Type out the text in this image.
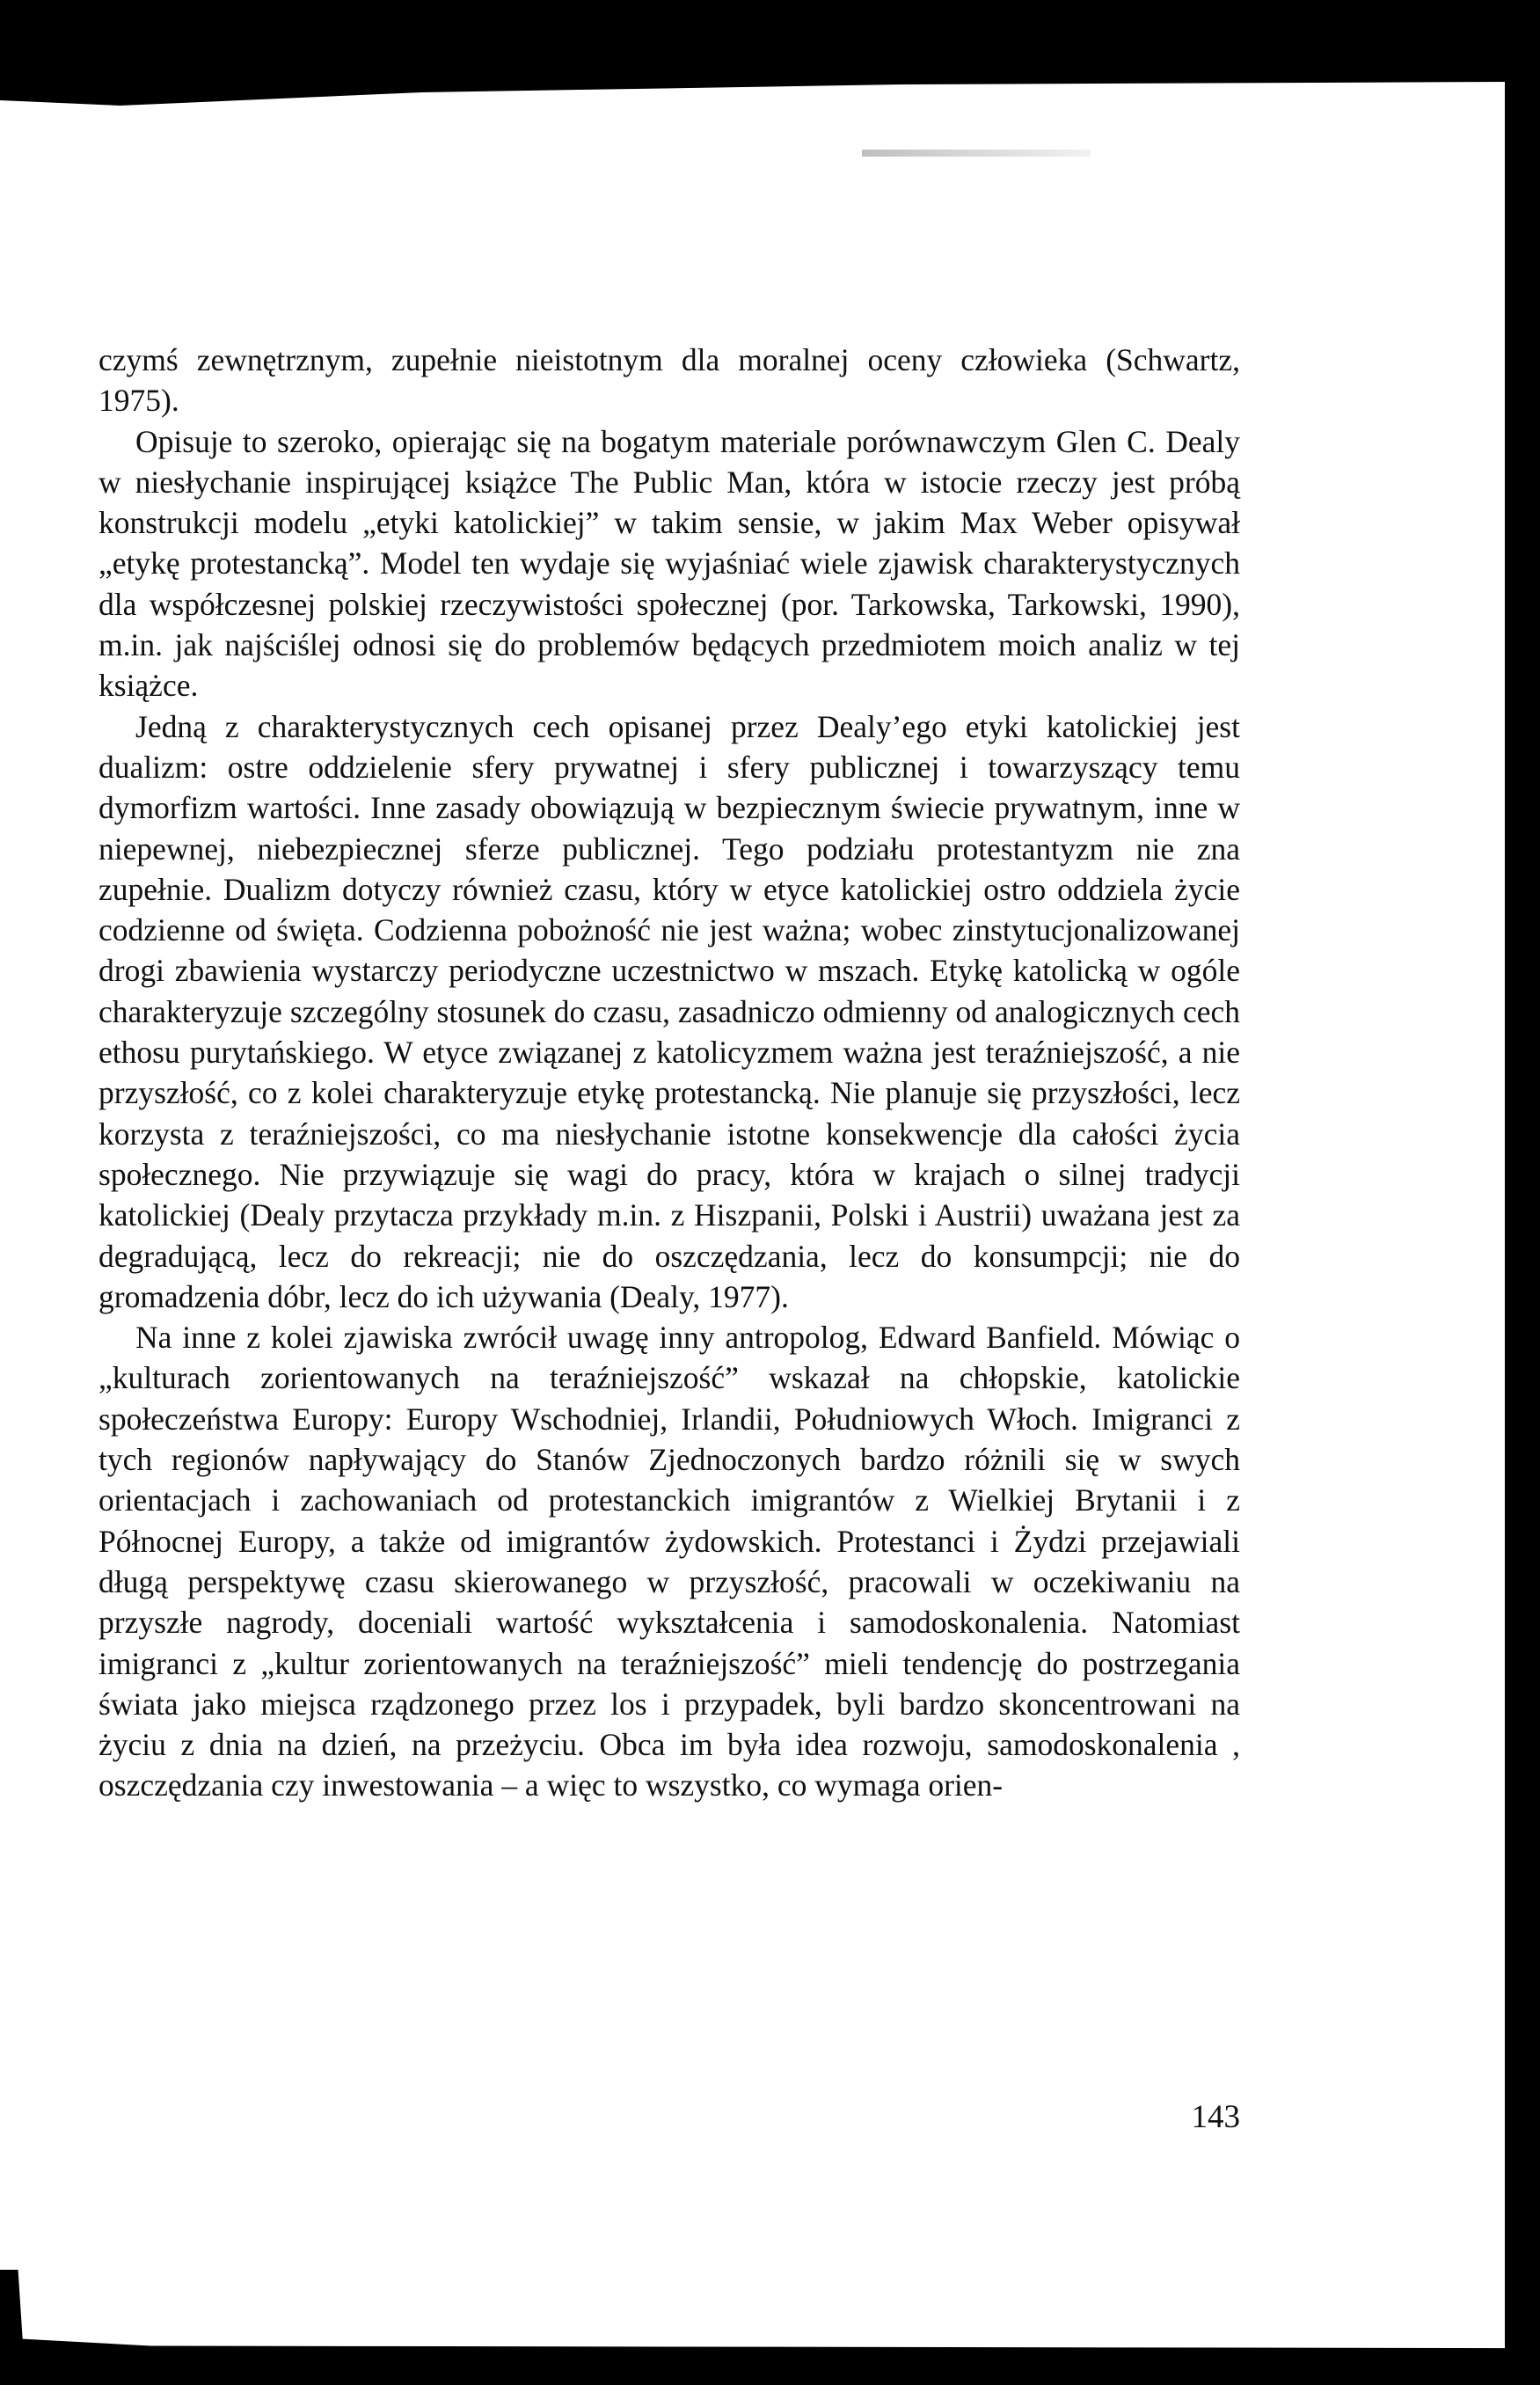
czymś zewnętrznym, zupełnie nieistotnym dla moralnej oceny człowieka (Schwartz, 1975).

Opisuje to szeroko, opierając się na bogatym materiale porównawczym Glen C. Dealy w niesłychanie inspirującej książce The Public Man, która w istocie rzeczy jest próbą konstrukcji modelu „etyki katolickiej” w takim sensie, w jakim Max Weber opisywał „etykę protestancką”. Model ten wydaje się wyjaśniać wiele zjawisk charakterystycznych dla współczesnej polskiej rzeczywistości społecznej (por. Tarkowska, Tarkowski, 1990), m.in. jak najściślej odnosi się do problemów będących przedmiotem moich analiz w tej książce.

Jedną z charakterystycznych cech opisanej przez Dealy’ego etyki katolickiej jest dualizm: ostre oddzielenie sfery prywatnej i sfery publicznej i towarzyszący temu dymorfizm wartości. Inne zasady obowiązują w bezpiecznym świecie prywatnym, inne w niepewnej, niebezpiecznej sferze publicznej. Tego podziału protestantyzm nie zna zupełnie. Dualizm dotyczy również czasu, który w etyce katolickiej ostro oddziela życie codzienne od święta. Codzienna pobożność nie jest ważna; wobec zinstytucjonalizowanej drogi zbawienia wystarczy periodyczne uczestnictwo w mszach. Etykę katolicką w ogóle charakteryzuje szczególny stosunek do czasu, zasadniczo odmienny od analogicznych cech ethosu purytańskiego. W etyce związanej z katolicyzmem ważna jest teraźniejszość, a nie przyszłość, co z kolei charakteryzuje etykę protestancką. Nie planuje się przyszłości, lecz korzysta z teraźniejszości, co ma niesłychanie istotne konsekwencje dla całości życia społecznego. Nie przywiązuje się wagi do pracy, która w krajach o silnej tradycji katolickiej (Dealy przytacza przykłady m.in. z Hiszpanii, Polski i Austrii) uważana jest za degradującą, lecz do rekreacji; nie do oszczędzania, lecz do konsumpcji; nie do gromadzenia dóbr, lecz do ich używania (Dealy, 1977).

Na inne z kolei zjawiska zwrócił uwagę inny antropolog, Edward Banfield. Mówiąc o „kulturach zorientowanych na teraźniejszość” wskazał na chłopskie, katolickie społeczeństwa Europy: Europy Wschodniej, Irlandii, Południowych Włoch. Imigranci z tych regionów napływający do Stanów Zjednoczonych bardzo różnili się w swych orientacjach i zachowaniach od protestanckich imigrantów z Wielkiej Brytanii i z Północnej Europy, a także od imigrantów żydowskich. Protestanci i Żydzi przejawiali długą perspektywę czasu skierowanego w przyszłość, pracowali w oczekiwaniu na przyszłe nagrody, doceniali wartość wykształcenia i samodoskonalenia. Natomiast imigranci z „kultur zorientowanych na teraźniejszość” mieli tendencję do postrzegania świata jako miejsca rządzonego przez los i przypadek, byli bardzo skoncentrowani na życiu z dnia na dzień, na przeżyciu. Obca im była idea rozwoju, samodoskonalenia , oszczędzania czy inwestowania – a więc to wszystko, co wymaga orien-

143
